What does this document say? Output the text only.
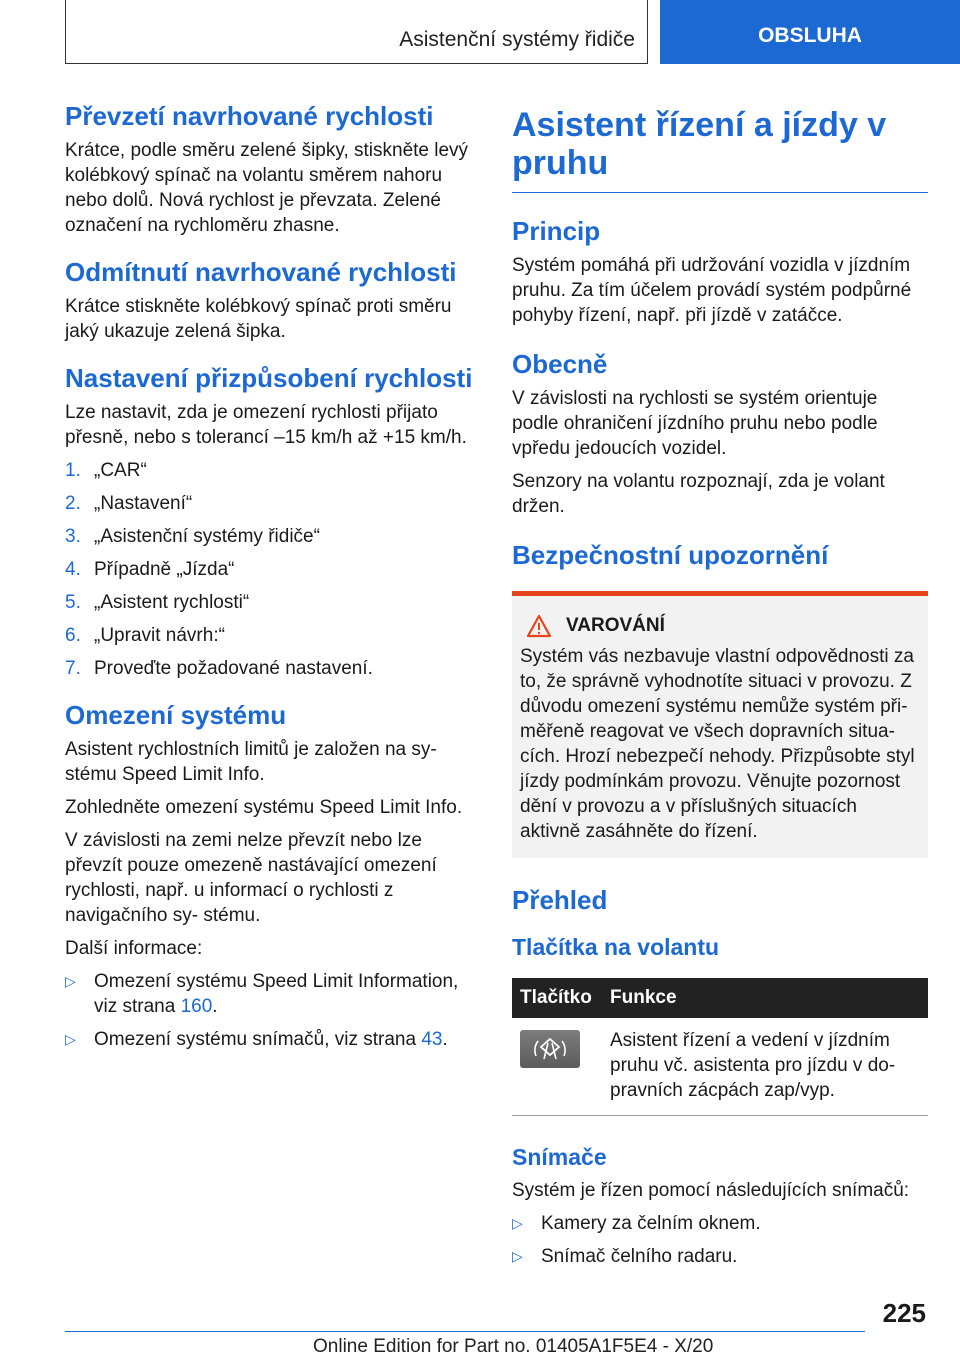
Asistenční systémy řidiče	OBSLUHA
Převzetí navrhované rychlosti

Krátce, podle směru zelené šipky, stiskněte levý kolébkový spínač na volantu směrem nahoru nebo dolů. Nová rychlost je převzata. Zelené označení na rychloměru zhasne.

Odmítnutí navrhované rychlosti

Krátce stiskněte kolébkový spínač proti směru jaký ukazuje zelená šipka.

Nastavení přizpůsobení rychlosti

Lze nastavit, zda je omezení rychlosti přijato přesně, nebo s tolerancí –15 km/h až +15 km/h.

1. „CAR“
2. „Nastavení“
3. „Asistenční systémy řidiče“
4. Případně „Jízda“
5. „Asistent rychlosti“
6. „Upravit návrh:“
7. Proveďte požadované nastavení.
Omezení systému

Asistent rychlostních limitů je založen na sy- stému Speed Limit Info.

Zohledněte omezení systému Speed Limit Info.

V závislosti na zemi nelze převzít nebo lze převzít pouze omezeně nastávající omezení rychlosti, např. u informací o rychlosti z navigačního sy- stému.

Další informace:

▷ Omezení systému Speed Limit Information, viz strana 160.
▷ Omezení systému snímačů, viz strana 43.
Asistent řízení a jízdy v pruhu
Princip

Systém pomáhá při udržování vozidla v jízdním pruhu. Za tím účelem provádí systém podpůrné pohyby řízení, např. při jízdě v zatáčce.

Obecně

V závislosti na rychlosti se systém orientuje podle ohraničení jízdního pruhu nebo podle vpředu jedoucích vozidel.

Senzory na volantu rozpoznají, zda je volant držen.

Bezpečnostní upozornění
VAROVÁNÍ

Systém vás nezbavuje vlastní odpovědnosti za to, že správně vyhodnotíte situaci v provozu. Z důvodu omezení systému nemůže systém při- měřeně reagovat ve všech dopravních situa- cích. Hrozí nebezpečí nehody. Přizpůsobte styl jízdy podmínkám provozu. Věnujte pozornost dění v provozu a v příslušných situacích aktivně zasáhněte do řízení.

Přehled
Tlačítka na volantu
Tlačítko	Funkce

	Asistent řízení a vedení v jízdním pruhu vč. asistenta pro jízdu v do- pravních zácpách zap/vyp.
Snímače

Systém je řízen pomocí následujících snímačů:

▷ Kamery za čelním oknem.
▷ Snímač čelního radaru.
225
Online Edition for Part no. 01405A1F5E4 - X/20
